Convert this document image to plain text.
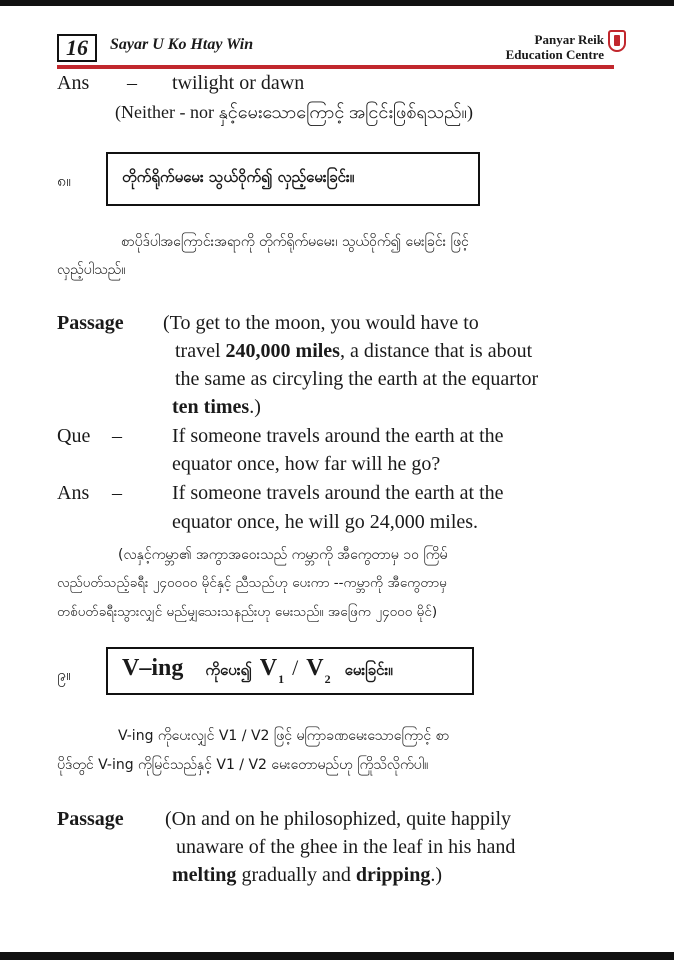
16	Sayar U Ko Htay Win	Panyar Reik
Education Centre
Ans – twilight or dawn
(Neither - nor နှင့်မေးသောကြောင့် အငြင်းဖြစ်ရသည်။)
၈။	တိုက်ရိုက်မမေး သွယ်ဝိုက်၍ လှည့်မေးခြင်း။
စာပိုဒ်ပါအကြောင်းအရာကို တိုက်ရိုက်မမေး၊ သွယ်ဝိုက်၍ မေးခြင်း ဖြင့်
လှည့်ပါသည်။
Passage (To get to the moon, you would have to
travel 240,000 miles, a distance that is about
the same as circyling the earth at the equartor
ten times.)
Que –	If someone travels around the earth at the
equator once, how far will he go?
Ans –	If someone travels around the earth at the
equator once, he will go 24,000 miles.
(လနှင့်ကမ္ဘာ၏ အကွာအဝေးသည် ကမ္ဘာကို အီကွေတာမှ ၁၀ ကြိမ်
လည်ပတ်သည့်ခရီး ၂၄၀၀၀၀ မိုင်နှင့် ညီသည်ဟု ပေးကာ --ကမ္ဘာကို အီကွေတာမှ
တစ်ပတ်ခရီးသွားလျှင် မည်မျှသေးသနည်းဟု မေးသည်။ အဖြေက ၂၄၀၀၀ မိုင်)
၉။ V–ing ကိုပေး၍ $V_1 / V_2$ မေးခြင်း။
V-ing ကိုပေးလျှင် V1 / V2 ဖြင့် မကြာခဏမေးသောကြောင့် စာ
ပိုဒ်တွင် V-ing ကိုမြင်သည်နှင့် V1 / V2 မေးတောမည်ဟု ကြိုသိလိုက်ပါ။
Passage (On and on he philosophized, quite happily
unaware of the ghee in the leaf in his hand
melting gradually and dripping.)
